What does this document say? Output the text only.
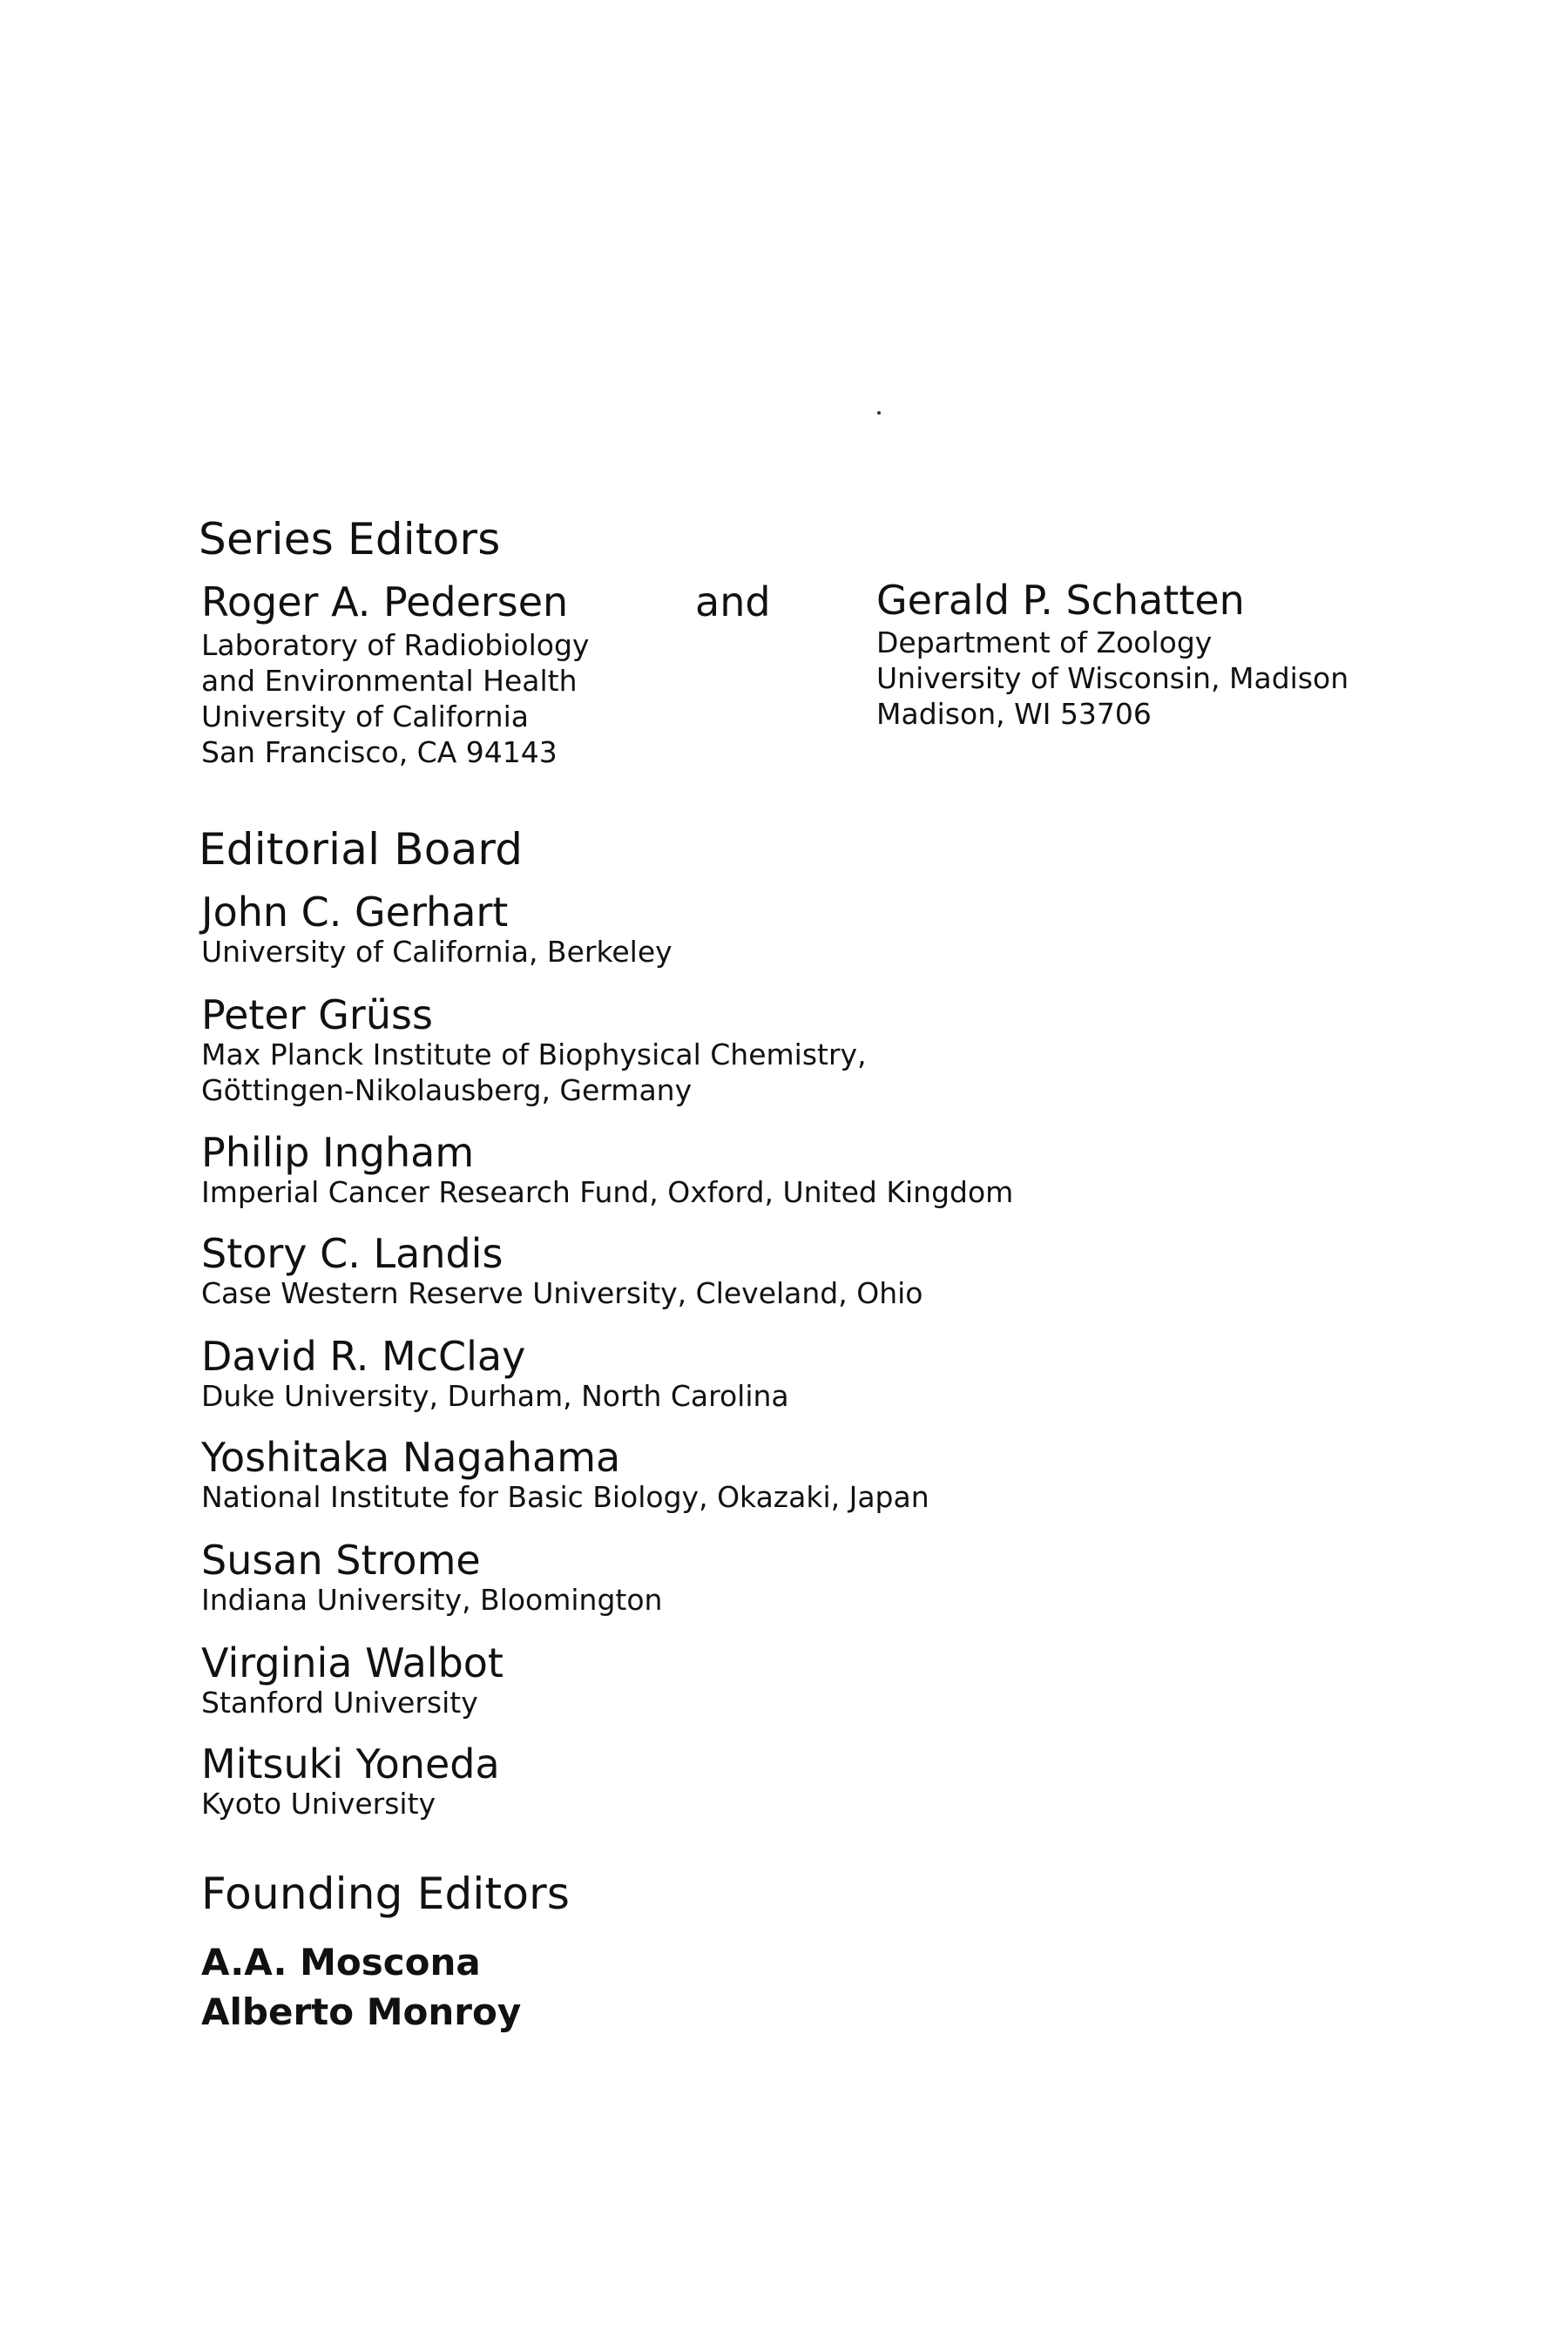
Series Editors
Roger A. Pedersen	and	Gerald P. Schatten
Laboratory of Radiobiology
and Environmental Health
University of California
San Francisco, CA 94143
Department of Zoology
University of Wisconsin, Madison
Madison, WI 53706
Editorial Board
John C. Gerhart
University of California, Berkeley
Peter Grüss
Max Planck Institute of Biophysical Chemistry,
Göttingen-Nikolausberg, Germany
Philip Ingham
Imperial Cancer Research Fund, Oxford, United Kingdom
Story C. Landis
Case Western Reserve University, Cleveland, Ohio
David R. McClay
Duke University, Durham, North Carolina
Yoshitaka Nagahama
National Institute for Basic Biology, Okazaki, Japan
Susan Strome
Indiana University, Bloomington
Virginia Walbot
Stanford University
Mitsuki Yoneda
Kyoto University
Founding Editors
A.A. Moscona
Alberto Monroy
